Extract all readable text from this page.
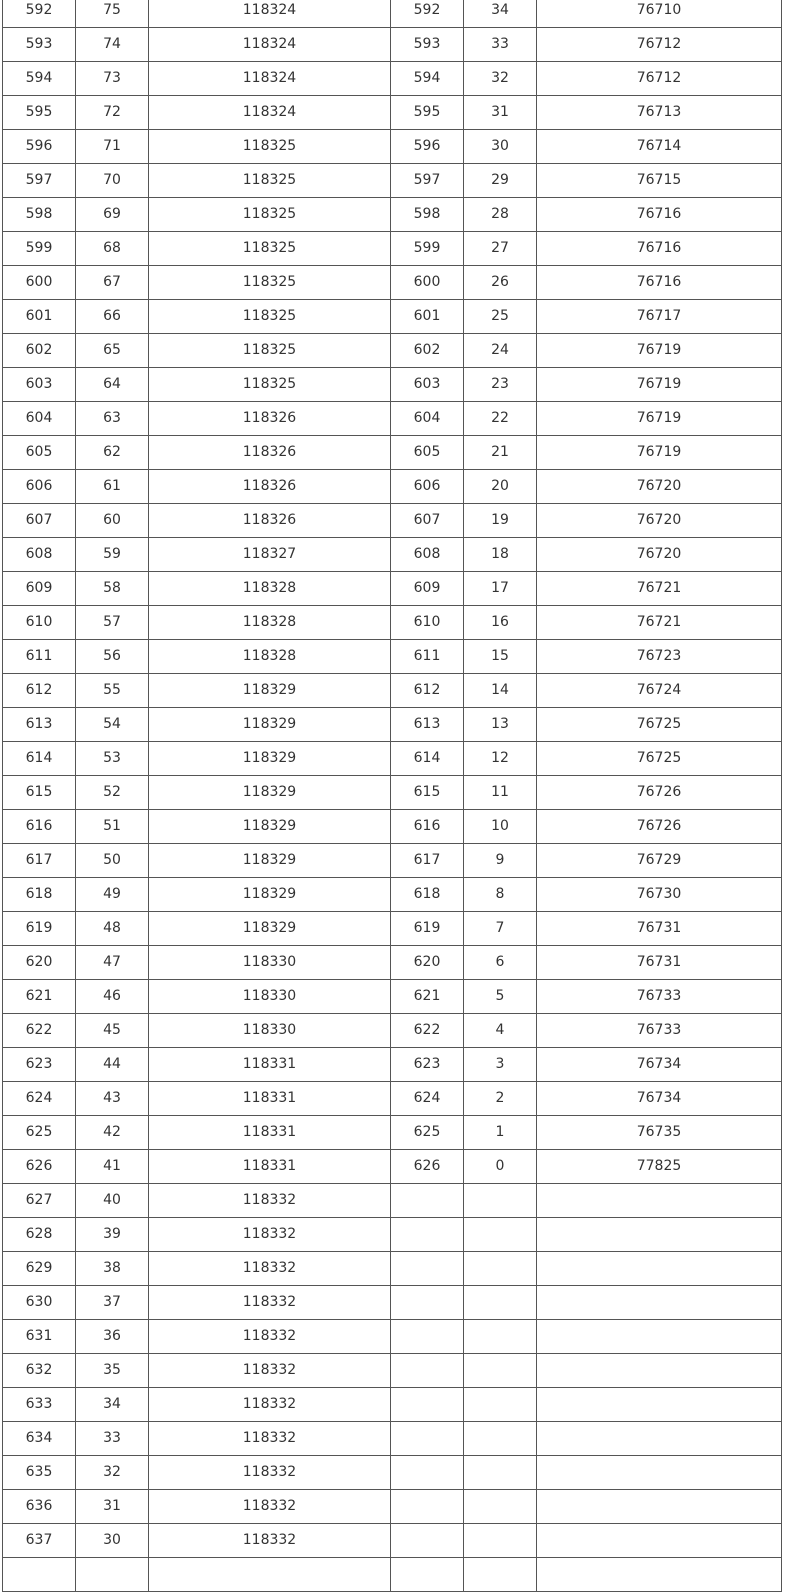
592	75	118324	592	34	76710
593	74	118324	593	33	76712
594	73	118324	594	32	76712
595	72	118324	595	31	76713
596	71	118325	596	30	76714
597	70	118325	597	29	76715
598	69	118325	598	28	76716
599	68	118325	599	27	76716
600	67	118325	600	26	76716
601	66	118325	601	25	76717
602	65	118325	602	24	76719
603	64	118325	603	23	76719
604	63	118326	604	22	76719
605	62	118326	605	21	76719
606	61	118326	606	20	76720
607	60	118326	607	19	76720
608	59	118327	608	18	76720
609	58	118328	609	17	76721
610	57	118328	610	16	76721
611	56	118328	611	15	76723
612	55	118329	612	14	76724
613	54	118329	613	13	76725
614	53	118329	614	12	76725
615	52	118329	615	11	76726
616	51	118329	616	10	76726
617	50	118329	617	9	76729
618	49	118329	618	8	76730
619	48	118329	619	7	76731
620	47	118330	620	6	76731
621	46	118330	621	5	76733
622	45	118330	622	4	76733
623	44	118331	623	3	76734
624	43	118331	624	2	76734
625	42	118331	625	1	76735
626	41	118331	626	0	77825
627	40	118332			
628	39	118332			
629	38	118332			
630	37	118332			
631	36	118332			
632	35	118332			
633	34	118332			
634	33	118332			
635	32	118332			
636	31	118332			
637	30	118332			
